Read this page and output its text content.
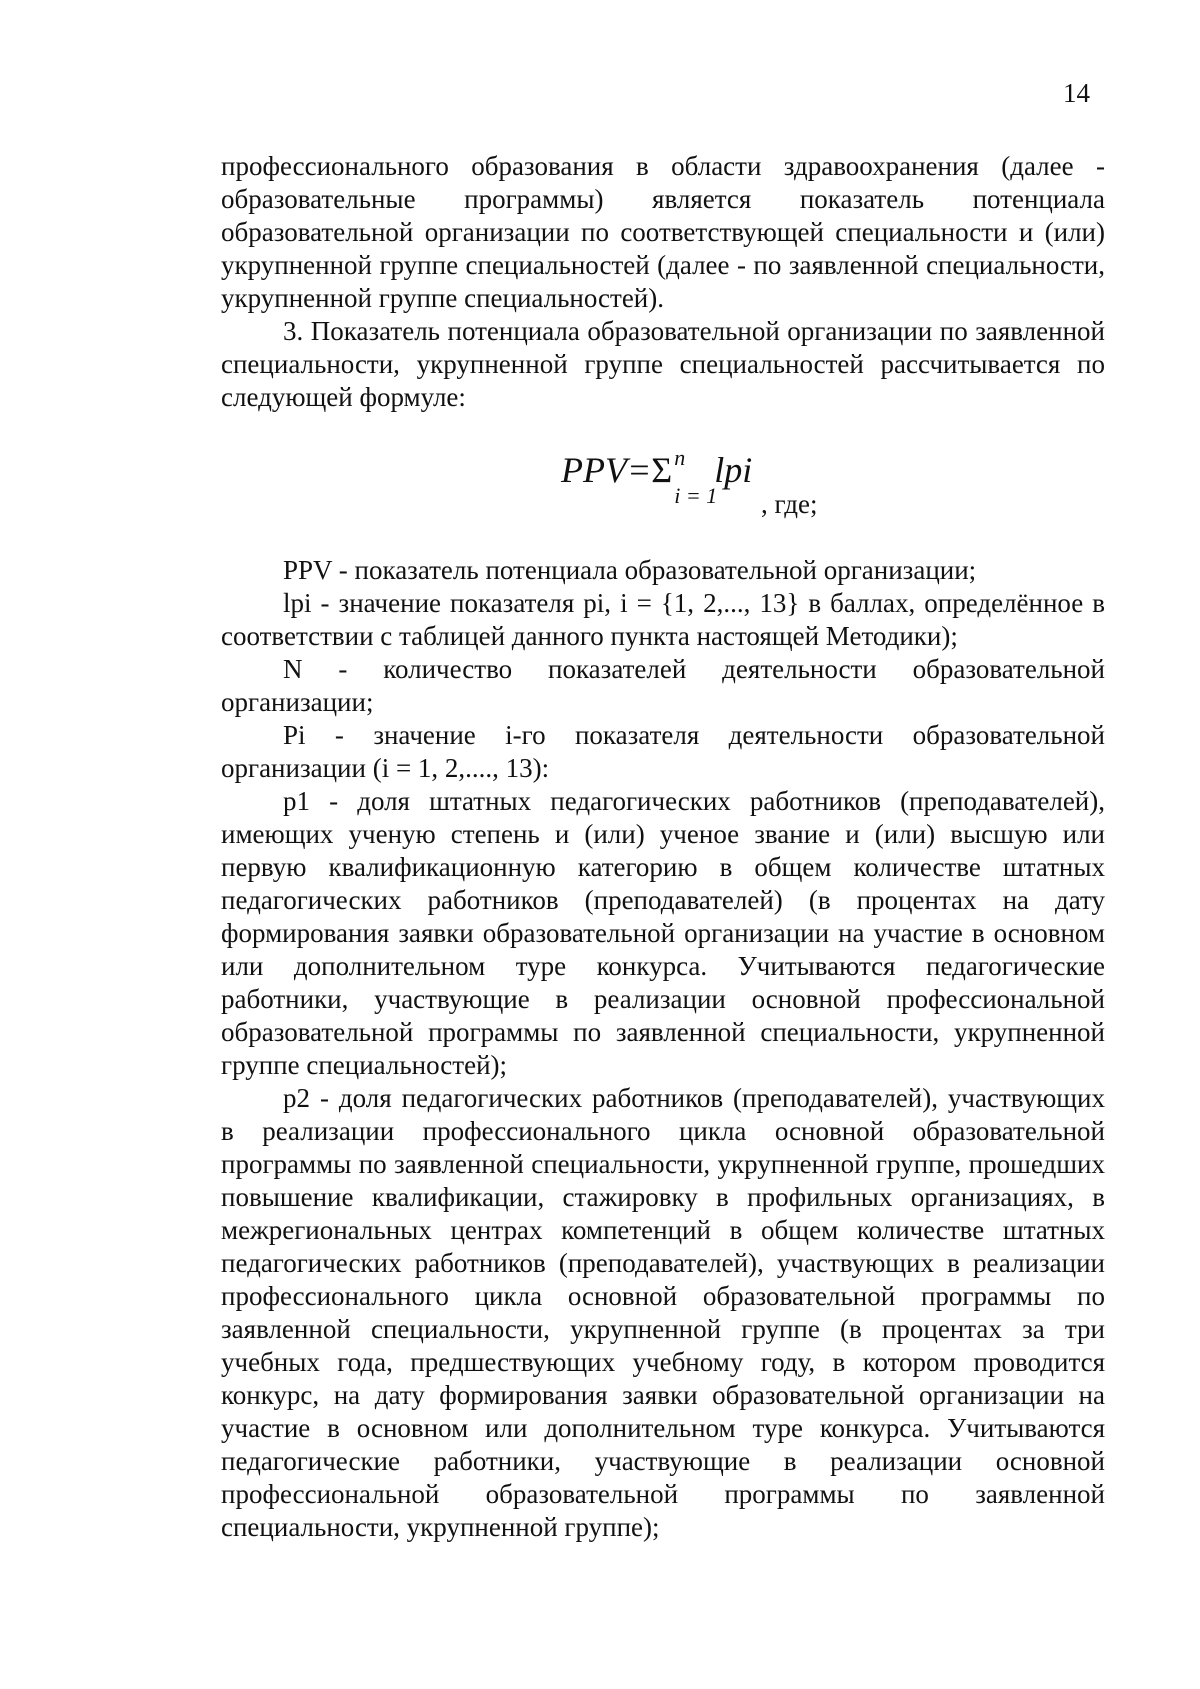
14

профессионального образования в области здравоохранения (далее - образовательные программы) является показатель потенциала образовательной организации по соответствующей специальности и (или) укрупненной группе специальностей (далее - по заявленной специальности, укрупненной группе специальностей).

3. Показатель потенциала образовательной организации по заявленной специальности, укрупненной группе специальностей рассчитывается по следующей формуле:

PPV=Σ n
i = 1
lpi
, где;

PPV - показатель потенциала образовательной организации;

lpi - значение показателя pi, i = {1, 2,..., 13} в баллах, определённое в соответствии с таблицей данного пункта настоящей Методики);

N - количество показателей деятельности образовательной организации;

Pi - значение i-го показателя деятельности образовательной организации (i = 1, 2,...., 13):

p1 - доля штатных педагогических работников (преподавателей), имеющих ученую степень и (или) ученое звание и (или) высшую или первую квалификационную категорию в общем количестве штатных педагогических работников (преподавателей) (в процентах на дату формирования заявки образовательной организации на участие в основном или дополнительном туре конкурса. Учитываются педагогические работники, участвующие в реализации основной профессиональной образовательной программы по заявленной специальности, укрупненной группе специальностей);

p2 - доля педагогических работников (преподавателей), участвующих в реализации профессионального цикла основной образовательной программы по заявленной специальности, укрупненной группе, прошедших повышение квалификации, стажировку в профильных организациях, в межрегиональных центрах компетенций в общем количестве штатных педагогических работников (преподавателей), участвующих в реализации профессионального цикла основной образовательной программы по заявленной специальности, укрупненной группе (в процентах за три учебных года, предшествующих учебному году, в котором проводится конкурс, на дату формирования заявки образовательной организации на участие в основном или дополнительном туре конкурса. Учитываются педагогические работники, участвующие в реализации основной профессиональной образовательной программы по заявленной специальности, укрупненной группе);
